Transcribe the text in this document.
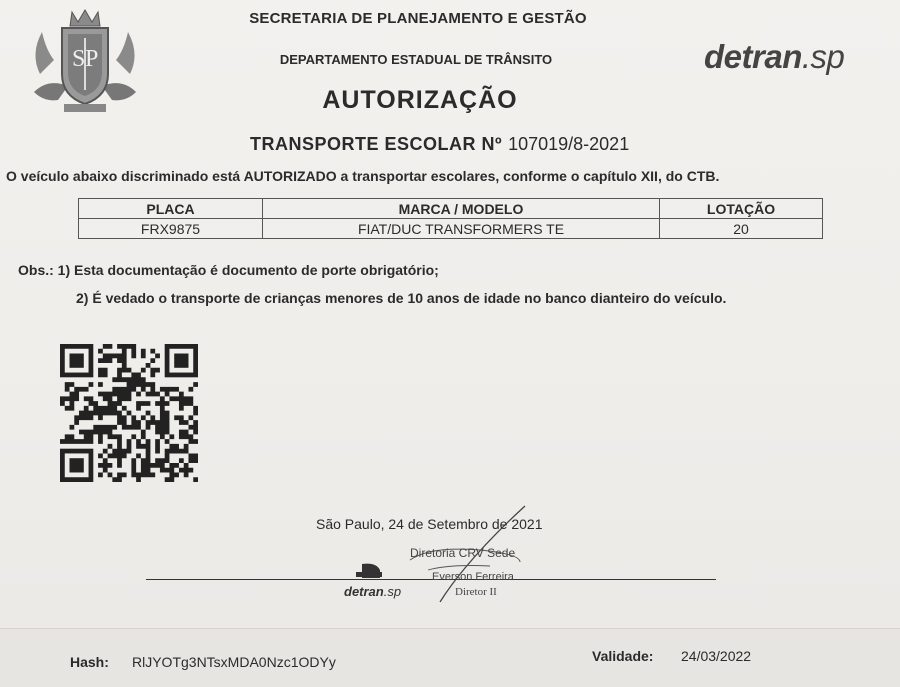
S P
SECRETARIA DE PLANEJAMENTO E GESTÃO
DEPARTAMENTO ESTADUAL DE TRÂNSITO
AUTORIZAÇÃO
detran.sp
TRANSPORTE ESCOLAR Nº 107019/8-2021
O veículo abaixo discriminado está AUTORIZADO a transportar escolares, conforme o capítulo XII, do CTB.
PLACA	MARCA / MODELO	LOTAÇÃO
FRX9875	FIAT/DUC TRANSFORMERS TE	20
Obs.: 1) Esta documentação é documento de porte obrigatório;
2) É vedado o transporte de crianças menores de 10 anos de idade no banco dianteiro do veículo.
São Paulo, 24 de Setembro de 2021
Diretoria CRV Sede
detran.sp
Everson Ferreira
Diretor II
Hash: RlJYOTg3NTsxMDA0Nzc1ODYy	Validade: 24/03/2022
